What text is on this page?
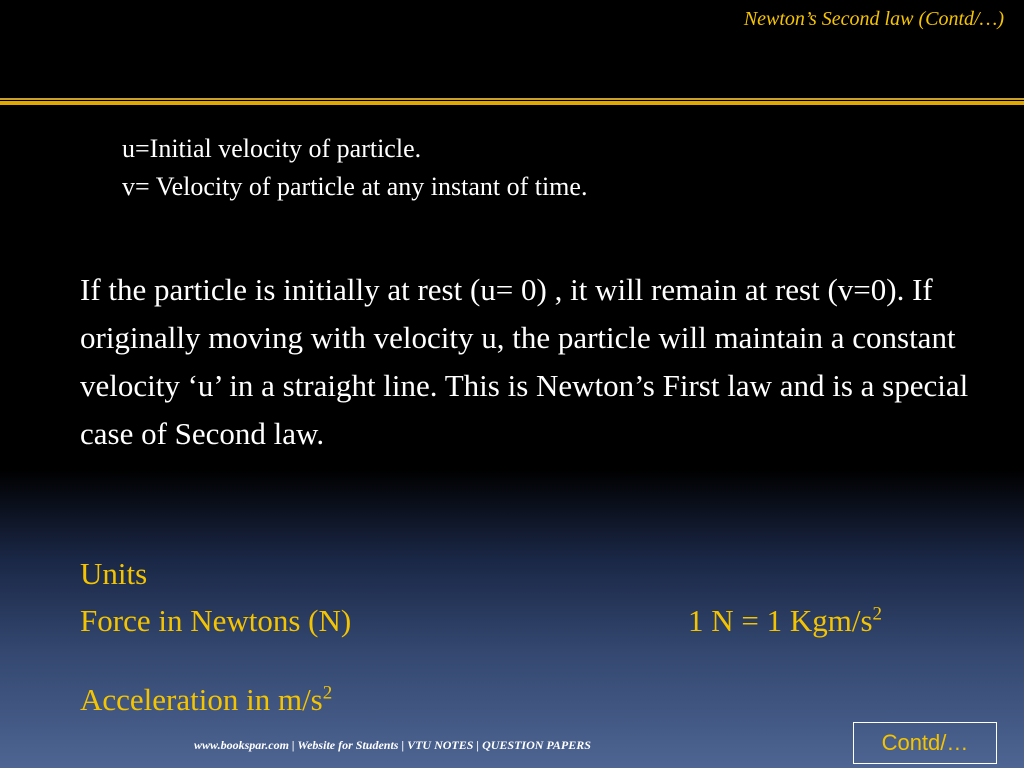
Newton’s Second law (Contd/…)
u=Initial velocity of particle.
v= Velocity of particle at any instant of time.
If the particle is initially at rest (u= 0) , it will remain at rest (v=0). If originally moving with velocity u, the particle will maintain a constant velocity ‘u’ in a straight line. This is Newton’s First law and is a special case of Second law.
Units
Force in Newtons (N)	1 N = 1 Kgm/$s^2$
Acceleration in $m/s^2$
www.bookspar.com | Website for Students | VTU NOTES | QUESTION PAPERS	Contd/…
